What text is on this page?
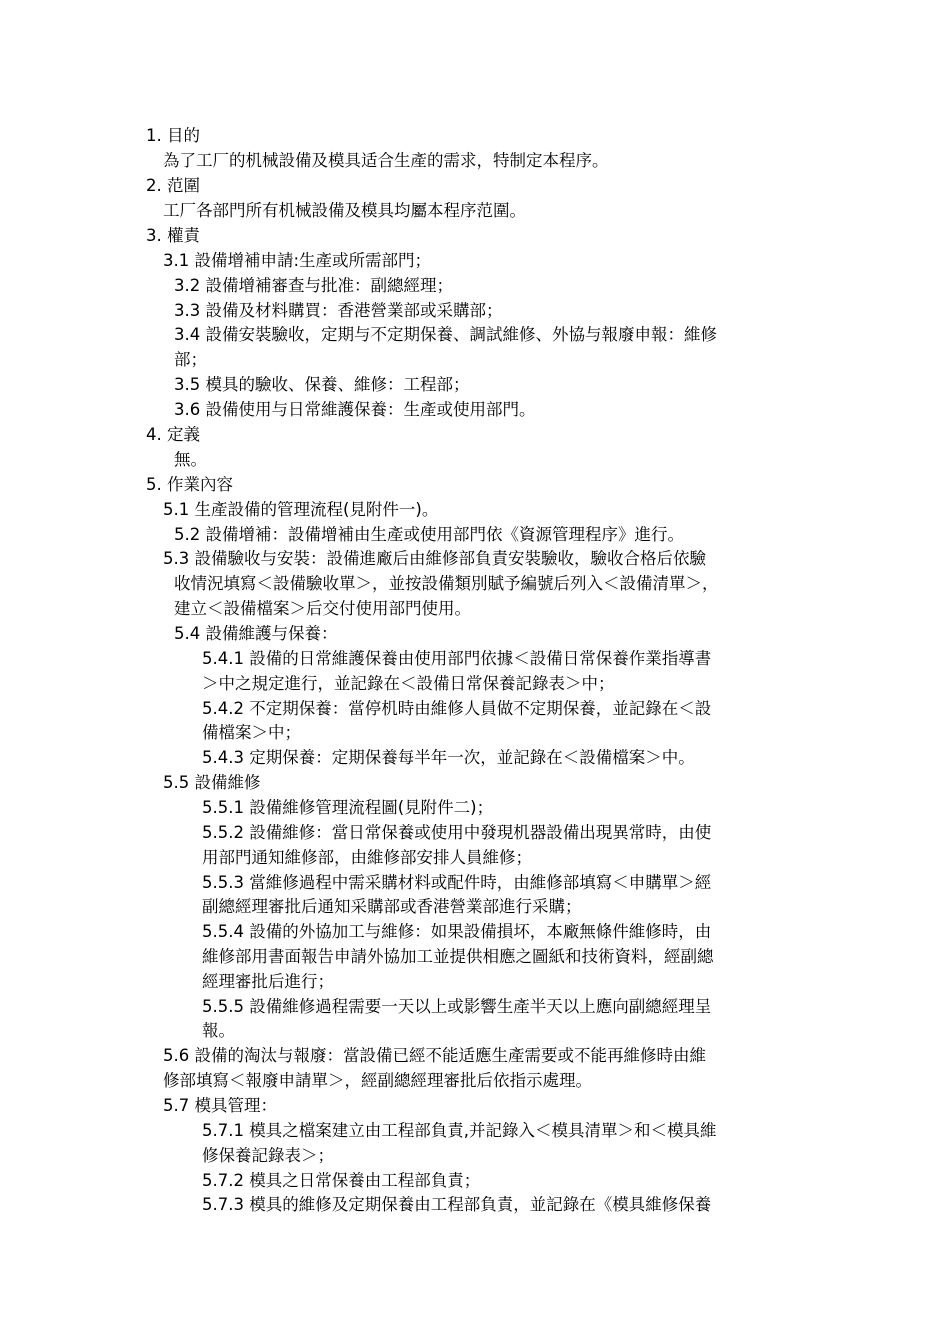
1. 目的

為了工厂的机械設備及模具适合生產的需求，特制定本程序。

2. 范圍

工厂各部門所有机械設備及模具均屬本程序范圍。

3. 權責

3.1 設備增補申請:生產或所需部門；

3.2 設備增補審查与批准：副總經理；

3.3 設備及材料購買：香港營業部或采購部；

3.4 設備安裝驗收，定期与不定期保養、調試維修、外協与報廢申報：維修

部；

3.5 模具的驗收、保養、維修：工程部；

3.6 設備使用与日常維護保養：生產或使用部門。

4. 定義

無。

5. 作業內容

5.1 生產設備的管理流程(見附件一)。

5.2 設備增補：設備增補由生產或使用部門依《資源管理程序》進行。

5.3 設備驗收与安裝：設備進廠后由維修部負責安裝驗收，驗收合格后依驗

收情況填寫＜設備驗收單＞，並按設備類別賦予編號后列入＜設備清單＞，

建立＜設備檔案＞后交付使用部門使用。

5.4 設備維護与保養：

5.4.1 設備的日常維護保養由使用部門依據＜設備日常保養作業指導書

＞中之規定進行，並記錄在＜設備日常保養記錄表＞中；

5.4.2 不定期保養：當停机時由維修人員做不定期保養，並記錄在＜設

備檔案＞中；

5.4.3 定期保養：定期保養每半年一次，並記錄在＜設備檔案＞中。

5.5 設備維修

5.5.1 設備維修管理流程圖(見附件二)；

5.5.2 設備維修：當日常保養或使用中發現机器設備出現異常時，由使

用部門通知維修部，由維修部安排人員維修；

5.5.3 當維修過程中需采購材料或配件時，由維修部填寫＜申購單＞經

副總經理審批后通知采購部或香港營業部進行采購；

5.5.4 設備的外協加工与維修：如果設備損坏，本廠無條件維修時，由

維修部用書面報告申請外協加工並提供相應之圖紙和技術資料，經副總

經理審批后進行；

5.5.5 設備維修過程需要一天以上或影響生產半天以上應向副總經理呈

報。

5.6 設備的淘汰与報廢：當設備已經不能适應生產需要或不能再維修時由維

修部填寫＜報廢申請單＞，經副總經理審批后依指示處理。

5.7 模具管理：

5.7.1 模具之檔案建立由工程部負責,并記錄入＜模具清單＞和＜模具維

修保養記錄表＞；

5.7.2 模具之日常保養由工程部負責；

5.7.3 模具的維修及定期保養由工程部負責，並記錄在《模具維修保養
